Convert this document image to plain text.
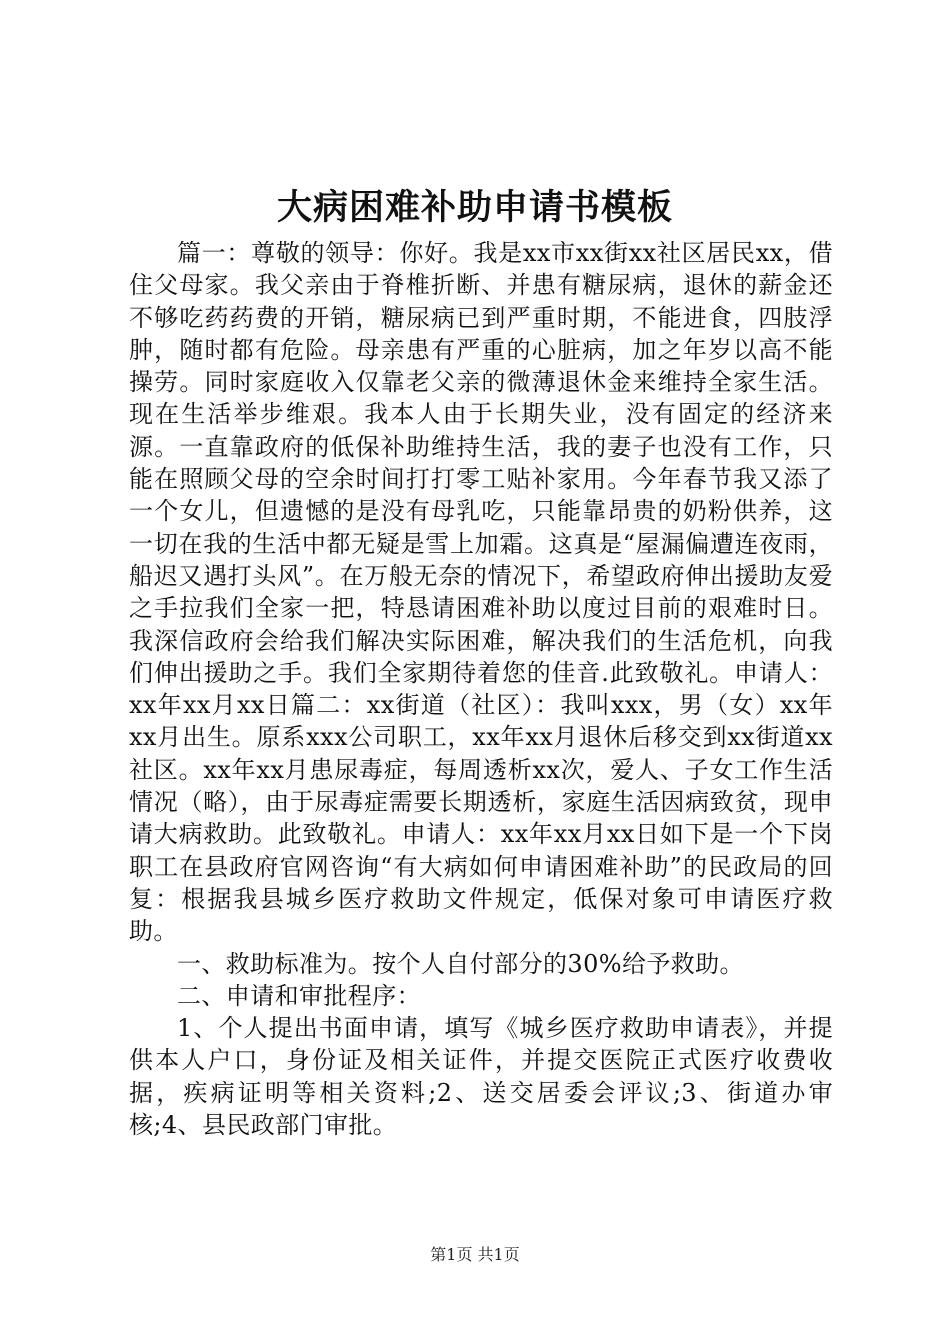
大病困难补助申请书模板

篇一：尊敬的领导：你好。我是xx市xx街xx社区居民xx，借住父母家。我父亲由于脊椎折断、并患有糖尿病，退休的薪金还不够吃药药费的开销，糖尿病已到严重时期，不能进食，四肢浮肿，随时都有危险。母亲患有严重的心脏病，加之年岁以高不能操劳。同时家庭收入仅靠老父亲的微薄退休金来维持全家生活。现在生活举步维艰。我本人由于长期失业，没有固定的经济来源。一直靠政府的低保补助维持生活，我的妻子也没有工作，只能在照顾父母的空余时间打打零工贴补家用。今年春节我又添了一个女儿，但遗憾的是没有母乳吃，只能靠昂贵的奶粉供养，这一切在我的生活中都无疑是雪上加霜。这真是“屋漏偏遭连夜雨，船迟又遇打头风”。在万般无奈的情况下，希望政府伸出援助友爱之手拉我们全家一把，特恳请困难补助以度过目前的艰难时日。我深信政府会给我们解决实际困难，解决我们的生活危机，向我们伸出援助之手。我们全家期待着您的佳音.此致敬礼。申请人：xx年xx月xx日篇二：xx街道（社区）：我叫xxx，男（女）xx年xx月出生。原系xxx公司职工，xx年xx月退休后移交到xx街道xx社区。xx年xx月患尿毒症，每周透析xx次，爱人、子女工作生活情况（略），由于尿毒症需要长期透析，家庭生活因病致贫，现申请大病救助。此致敬礼。申请人：xx年xx月xx日如下是一个下岗职工在县政府官网咨询“有大病如何申请困难补助”的民政局的回复：根据我县城乡医疗救助文件规定，低保对象可申请医疗救助。

一、救助标准为。按个人自付部分的30%给予救助。

二、申请和审批程序：

1、个人提出书面申请，填写《城乡医疗救助申请表》，并提供本人户口，身份证及相关证件，并提交医院正式医疗收费收据，疾病证明等相关资料;2、送交居委会评议;3、街道办审核;4、县民政部门审批。

第1页 共1页
